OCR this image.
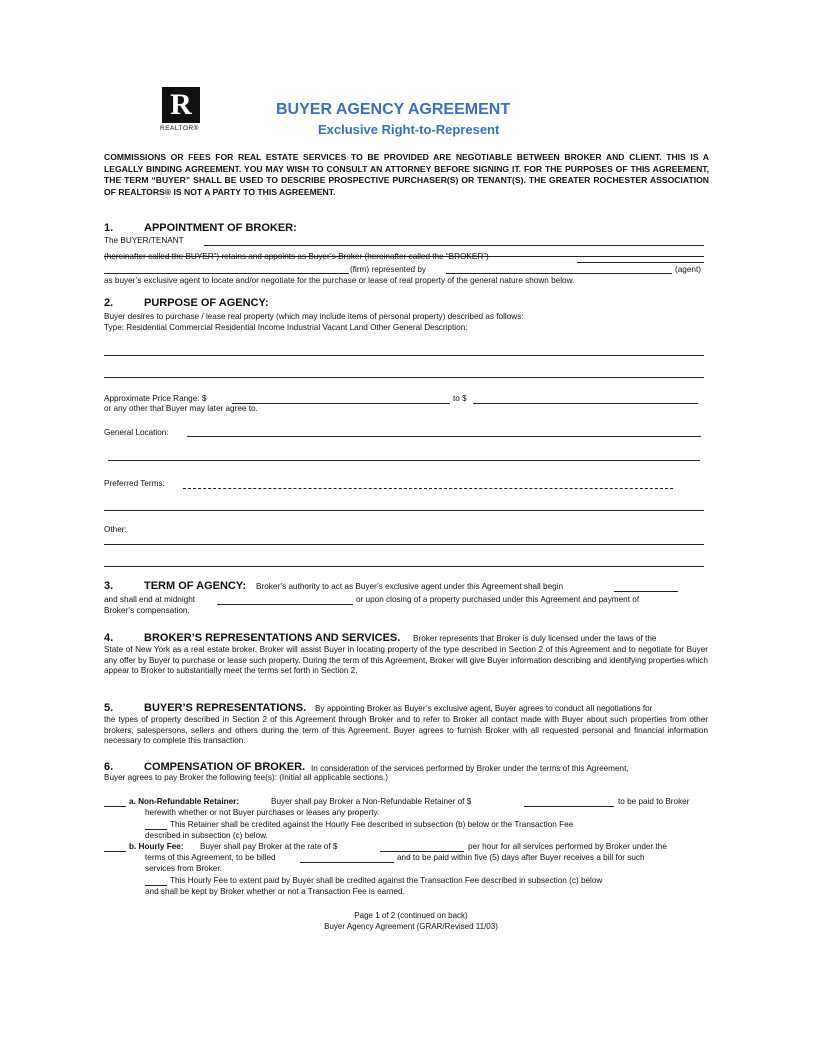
R
REALTOR®
BUYER AGENCY AGREEMENT
Exclusive Right-to-Represent
COMMISSIONS OR FEES FOR REAL ESTATE SERVICES TO BE PROVIDED ARE NEGOTIABLE BETWEEN BROKER AND CLIENT. THIS IS A LEGALLY BINDING AGREEMENT. YOU MAY WISH TO CONSULT AN ATTORNEY BEFORE SIGNING IT. FOR THE PURPOSES OF THIS AGREEMENT, THE TERM “BUYER” SHALL BE USED TO DESCRIBE PROSPECTIVE PURCHASER(S) OR TENANT(S). THE GREATER ROCHESTER ASSOCIATION OF REALTORS® IS NOT A PARTY TO THIS AGREEMENT.
1.	APPOINTMENT OF BROKER:
The BUYER/TENANT
(hereinafter called the BUYER”) retains and appoints as Buyer’s Broker (hereinafter called the “BROKER”)
(firm) represented by	(agent)
as buyer’s exclusive agent to locate and/or negotiate for the purchase or lease of real property of the general nature shown below.
2.	PURPOSE OF AGENCY:
Buyer desires to purchase / lease real property (which may include items of personal property) described as follows:
Type: Residential Commercial Residential Income Industrial Vacant Land Other General Description:
Approximate Price Range: $	to $
or any other that Buyer may later agree to.
General Location:
Preferred Terms:
Other:
3.	TERM OF AGENCY: Broker’s authority to act as Buyer’s exclusive agent under this Agreement shall begin
and shall end at midnight	or upon closing of a property purchased under this Agreement and payment of
Broker’s compensation.
4.	BROKER’S REPRESENTATIONS AND SERVICES. Broker represents that Broker is duly licensed under the laws of the
State of New York as a real estate broker. Broker will assist Buyer in locating property of the type described in Section 2 of this Agreement and to negotiate for Buyer any offer by Buyer to purchase or lease such property. During the term of this Agreement, Broker will give Buyer information describing and identifying properties which appear to Broker to substantially meet the terms set forth in Section 2.
5.	BUYER’S REPRESENTATIONS. By appointing Broker as Buyer’s exclusive agent, Buyer agrees to conduct all negotiations for
the types of property described in Section 2 of this Agreement through Broker and to refer to Broker all contact made with Buyer about such properties from other brokers, salespersons, sellers and others during the term of this Agreement. Buyer agrees to furnish Broker with all requested personal and financial information necessary to complete this transaction.
6.	COMPENSATION OF BROKER. In consideration of the services performed by Broker under the terms of this Agreement,
Buyer agrees to pay Broker the following fee(s): (Initial all applicable sections.)
a. Non-Refundable Retainer:	Buyer shall pay Broker a Non-Refundable Retainer of $	to be paid to Broker
herewith whether or not Buyer purchases or leases any property.
This Retainer shall be credited against the Hourly Fee described in subsection (b) below or the Transaction Fee
described in subsection (c) below.
b. Hourly Fee: Buyer shall pay Broker at the rate of $	per hour for all services performed by Broker under the
terms of this Agreement, to be billed	and to be paid within five (5) days after Buyer receives a bill for such
services from Broker.
This Hourly Fee to extent paid by Buyer shall be credited against the Transaction Fee described in subsection (c) below
and shall be kept by Broker whether or not a Transaction Fee is earned.
Page 1 of 2 (continued on back)
Buyer Agency Agreement (GRAR/Revised 11/03)
